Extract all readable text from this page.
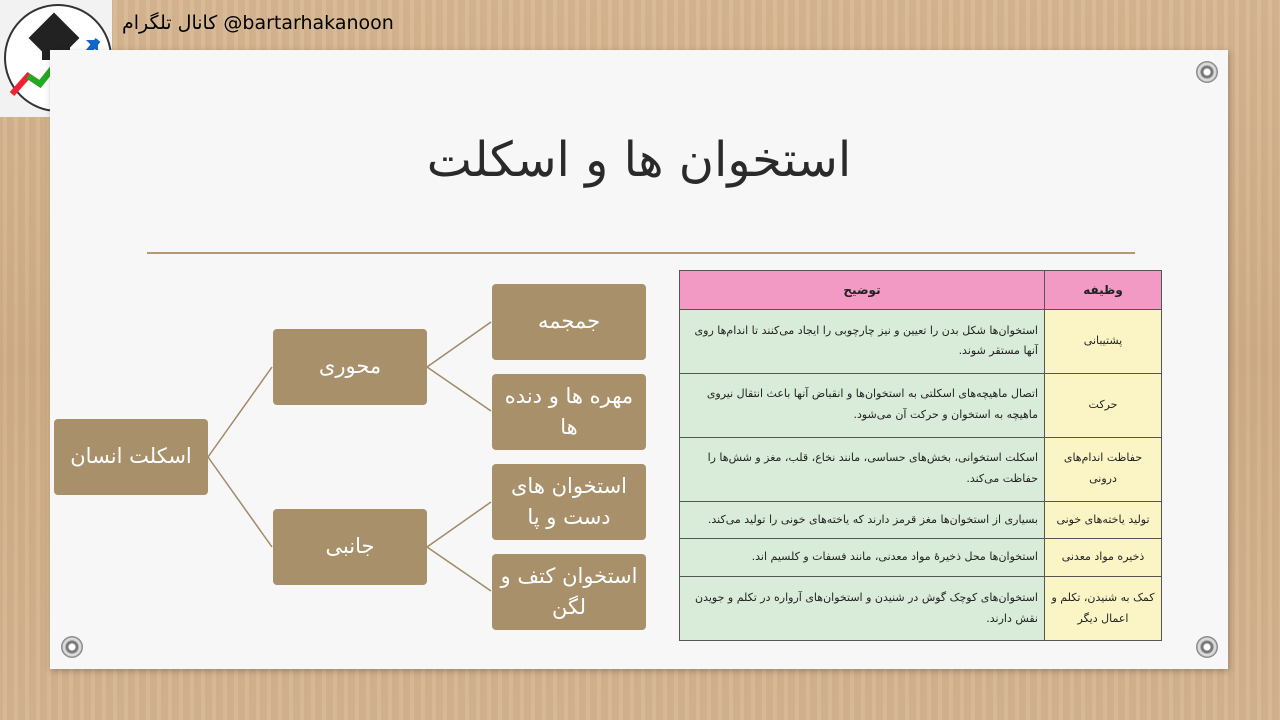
کانال تلگرام @bartarhakanoon
استخوان ها و اسکلت
اسکلت انسان
محوری
جانبی
جمجمه
مهره ها و دنده ها
استخوان های دست و پا
استخوان کتف و لگن
وظیفه	توضیح
پشتیبانی	استخوان‌ها شکل بدن را تعیین و نیز چارچوبی را ایجاد می‌کنند تا اندام‌ها روی آنها مستقر شوند.
حرکت	اتصال ماهیچه‌های اسکلتی به استخوان‌ها و انقباض آنها باعث انتقال نیروی ماهیچه به استخوان و حرکت آن می‌شود.
حفاظت اندام‌های درونی	اسکلت استخوانی، بخش‌های حساسی، مانند نخاع، قلب، مغز و شش‌ها را حفاظت می‌کند.
تولید یاخته‌های خونی	بسیاری از استخوان‌ها مغز قرمز دارند که یاخته‌های خونی را تولید می‌کند.
ذخیره مواد معدنی	استخوان‌ها محل ذخیرهٔ مواد معدنی، مانند فسفات و کلسیم اند.
کمک به شنیدن، تکلم و اعمال دیگر	استخوان‌های کوچک گوش در شنیدن و استخوان‌های آرواره در تکلم و جویدن نقش دارند.
